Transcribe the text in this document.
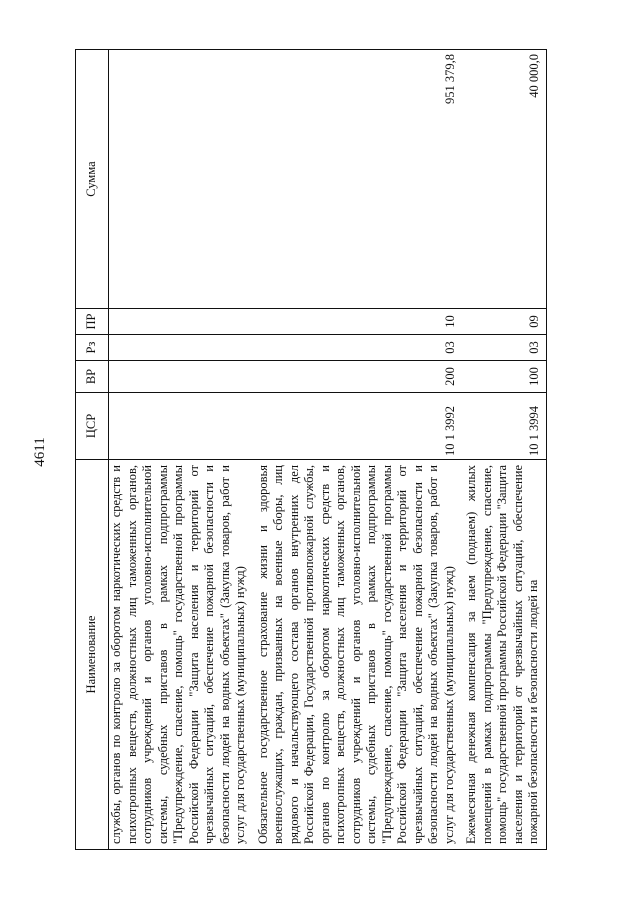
4611
Наименование	ЦСР	ВР	Рз	ПР	Сумма
службы, органов по контролю за оборотом наркотических средств и психотропных веществ, должностных лиц таможенных органов, сотрудников учреждений и органов уголовно-исполнительной системы, судебных приставов в рамках подпрограммы "Предупреждение, спасение, помощь" государственной программы Российской Федерации "Защита населения и территорий от чрезвычайных ситуаций, обеспечение пожарной безопасности и безопасности людей на водных объектах" (Закупка товаров, работ и услуг для государственных (муниципальных) нужд)					
Обязательное государственное страхование жизни и здоровья военнослужащих, граждан, призванных на военные сборы, лиц рядового и начальствующего состава органов внутренних дел Российской Федерации, Государственной противопожарной службы, органов по контролю за оборотом наркотических средств и психотропных веществ, должностных лиц таможенных органов, сотрудников учреждений и органов уголовно-исполнительной системы, судебных приставов в рамках подпрограммы "Предупреждение, спасение, помощь" государственной программы Российской Федерации "Защита населения и территорий от чрезвычайных ситуаций, обеспечение пожарной безопасности и безопасности людей на водных объектах" (Закупка товаров, работ и услуг для государственных (муниципальных) нужд)	10 1 3992	200	03	10	951 379,8
Ежемесячная денежная компенсация за наем (поднаем) жилых помещений в рамках подпрограммы "Предупреждение, спасение, помощь" государственной программы Российской Федерации "Защита населения и территорий от чрезвычайных ситуаций, обеспечение пожарной безопасности и безопасности людей на	10 1 3994	100	03	09	40 000,0
